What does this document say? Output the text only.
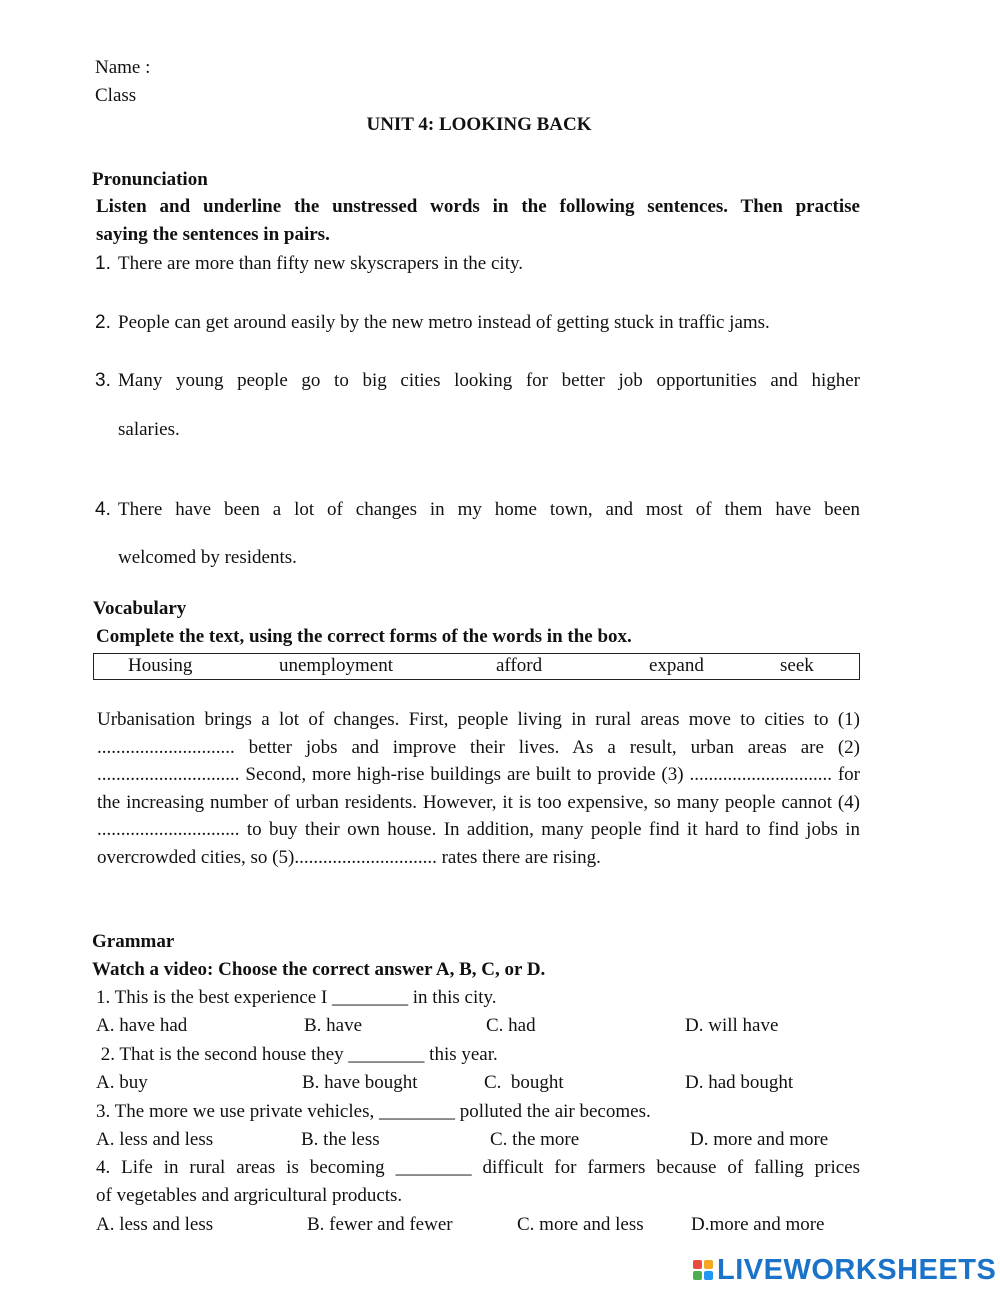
Name :
Class
UNIT 4: LOOKING BACK
Pronunciation
Listen and underline the unstressed words in the following sentences. Then practise
saying the sentences in pairs.
1. There are more than fifty new skyscrapers in the city.
2. People can get around easily by the new metro instead of getting stuck in traffic jams.
3. Many young people go to big cities looking for better job opportunities and higher
salaries.
4. There have been a lot of changes in my home town, and most of them have been
welcomed by residents.
Vocabulary
Complete the text, using the correct forms of the words in the box.
Housing	unemployment	afford	expand	seek
Urbanisation brings a lot of changes. First, people living in rural areas move to cities to (1) ............................. better jobs and improve their lives. As a result, urban areas are (2) .............................. Second, more high-rise buildings are built to provide (3) .............................. for the increasing number of urban residents. However, it is too expensive, so many people cannot (4) .............................. to buy their own house. In addition, many people find it hard to find jobs in overcrowded cities, so (5).............................. rates there are rising.
Grammar
Watch a video: Choose the correct answer A, B, C, or D.
1. This is the best experience I ________ in this city.
A. have had	B. have	C. had	D. will have
2. That is the second house they ________ this year.
A. buy	B. have bought	C.  bought	D. had bought
3. The more we use private vehicles, ________ polluted the air becomes.
A. less and less	B. the less	C. the more	D. more and more
4. Life in rural areas is becoming ________ difficult for farmers because of falling prices
of vegetables and argricultural products.
A. less and less	B. fewer and fewer	C. more and less D.more and more
LIVEWORKSHEETS
